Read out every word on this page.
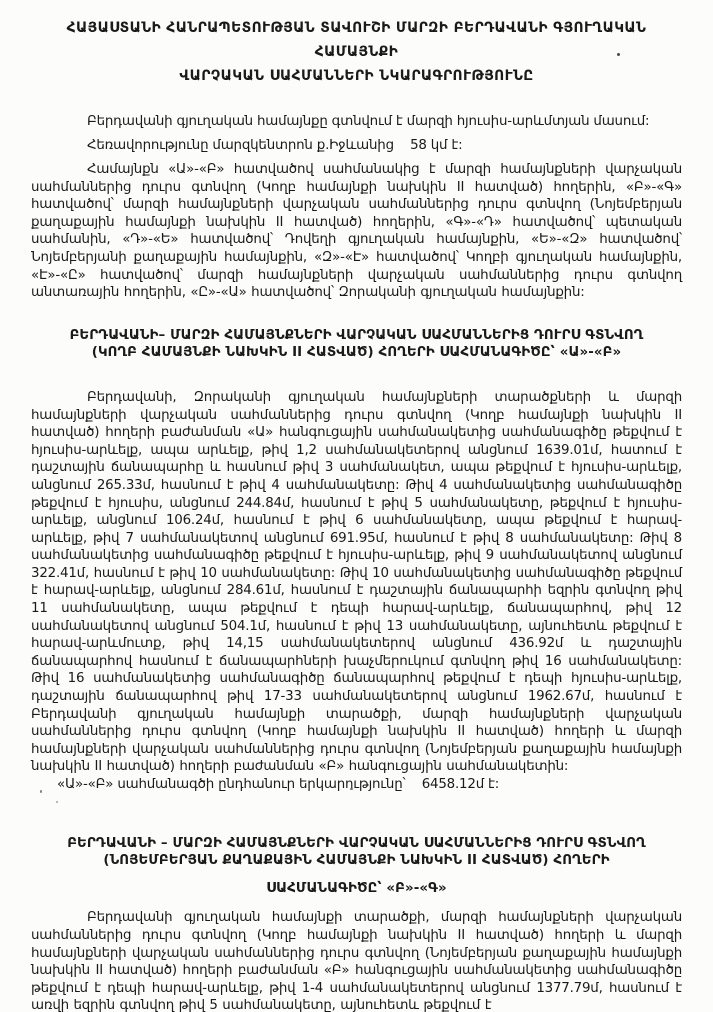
ՀԱՅԱՍՏԱՆԻ ՀԱՆՐԱՊԵՏՈՒԹՅԱՆ ՏԱՎՈՒՇԻ ՄԱՐԶԻ ԲԵՐԴԱՎԱՆԻ ԳՅՈՒՂԱԿԱՆ ՀԱՄԱՅՆՔԻ
ՎԱՐՉԱԿԱՆ ՍԱՀՄԱՆՆԵՐԻ ՆԿԱՐԱԳՐՈՒԹՅՈՒՆԸ

Բերդավանի գյուղական համայնքը գտնվում է մարզի հյուսիս-արևմտյան մասում:

Հեռավորությունը մարզկենտրոն ք.Իջևանից    58 կմ է:

Համայնքն «Ա»-«Բ» հատվածով սահմանակից է մարզի համայնքների վարչական սահմաններից դուրս գտնվող (Կողբ համայնքի նախկին II հատված) հողերին, «Բ»-«Գ» հատվածով՝ մարզի համայնքների վարչական սահմաններից դուրս գտնվող (Նոյեմբերյան քաղաքային համայնքի նախկին II հատված) հողերին, «Գ»-«Դ» հատվածով՝ պետական սահմանին, «Դ»-«Ե» հատվածով՝ Դովեղի գյուղական համայնքին, «Ե»-«Զ» հատվածով՝ Նոյեմբերյանի քաղաքային համայնքին, «Զ»-«Է» հատվածով՝ Կողբի գյուղական համայնքին, «Է»-«Ը» հատվածով՝ մարզի համայնքների վարչական սահմաններից դուրս գտնվող անտառային հողերին, «Ը»-«Ա» հատվածով՝ Զորականի գյուղական համայնքին:

ԲԵՐԴԱՎԱՆԻ– ՄԱՐԶԻ ՀԱՄԱՅՆՔՆԵՐԻ ՎԱՐՉԱԿԱՆ ՍԱՀՄԱՆՆԵՐԻՑ ԴՈՒՐՍ ԳՏՆՎՈՂ
(ԿՈՂԲ ՀԱՄԱՅՆՔԻ ՆԱԽԿԻՆ II ՀԱՏՎԱԾ) ՀՈՂԵՐԻ ՍԱՀՄԱՆԱԳԻԾԸ՝ «Ա»-«Բ»

Բերդավանի, Զորականի գյուղական համայնքների տարածքների և մարզի համայնքների վարչական սահմաններից դուրս գտնվող (Կողբ համայնքի նախկին II հատված) հողերի բաժանման «Ա» հանգուցային սահմանակետից սահմանագիծը թեքվում է հյուսիս-արևելք, ապա արևելք, թիվ 1,2 սահմանակետերով անցնում 1639.01մ, հատում է դաշտային ճանապարհը և հասնում թիվ 3 սահմանակետ, ապա թեքվում է հյուսիս-արևելք, անցնում 265.33մ, հասնում է թիվ 4 սահմանակետը: Թիվ 4 սահմանակետից սահմանագիծը թեքվում է հյուսիս, անցնում 244.84մ, հասնում է թիվ 5 սահմանակետը, թեքվում է հյուսիս-արևելք, անցնում 106.24մ, հասնում է թիվ 6 սահմանակետը, ապա թեքվում է հարավ-արևելք, թիվ 7 սահմանակետով անցնում 691.95մ, հասնում է թիվ 8 սահմանակետը: Թիվ 8 սահմանակետից սահմանագիծը թեքվում է հյուսիս-արևելք, թիվ 9 սահմանակետով անցնում 322.41մ, հասնում է թիվ 10 սահմանակետը: Թիվ 10 սահմանակետից սահմանագիծը թեքվում է հարավ-արևելք, անցնում 284.61մ, հասնում է դաշտային ճանապարհի եզրին գտնվող թիվ 11 սահմանակետը, ապա թեքվում է դեպի հարավ-արևելք, ճանապարհով, թիվ 12 սահմանակետով անցնում 504.1մ, հասնում է թիվ 13 սահմանակետը, այնուհետև թեքվում է հարավ-արևմուտք, թիվ 14,15 սահմանակետերով անցնում 436.92մ և դաշտային ճանապարհով հասնում է ճանապարհների խաչմերուկում գտնվող թիվ 16 սահմանակետը: Թիվ 16 սահմանակետից սահմանագիծը ճանապարհով թեքվում է դեպի հյուսիս-արևելք, դաշտային ճանապարհով թիվ 17-33 սահմանակետերով անցնում 1962.67մ, հասնում է Բերդավանի գյուղական համայնքի տարածքի, մարզի համայնքների վարչական սահմաններից դուրս գտնվող (Կողբ համայնքի նախկին II հատված) հողերի և մարզի համայնքների վարչական սահմաններից դուրս գտնվող (Նոյեմբերյան քաղաքային համայնքի նախկին II հատված) հողերի բաժանման «Բ» հանգուցային սահմանակետին:

«Ա»-«Բ» սահմանագծի ընդհանուր երկարությունը՝    6458.12մ է:

ԲԵՐԴԱՎԱՆԻ – ՄԱՐԶԻ ՀԱՄԱՅՆՔՆԵՐԻ ՎԱՐՉԱԿԱՆ ՍԱՀՄԱՆՆԵՐԻՑ ԴՈՒՐՍ ԳՏՆՎՈՂ
(ՆՈՅԵՄԲԵՐՅԱՆ ՔԱՂԱՔԱՅԻՆ ՀԱՄԱՅՆՔԻ ՆԱԽԿԻՆ II ՀԱՏՎԱԾ) ՀՈՂԵՐԻ
ՍԱՀՄԱՆԱԳԻԾԸ՝ «Բ»-«Գ»

Բերդավանի գյուղական համայնքի տարածքի, մարզի համայնքների վարչական սահմաններից դուրս գտնվող (Կողբ համայնքի նախկին II հատված) հողերի և մարզի համայնքների վարչական սահմաններից դուրս գտնվող (Նոյեմբերյան քաղաքային համայնքի նախկին II հատված) հողերի բաժանման «Բ» հանգուցային սահմանակետից սահմանագիծը թեքվում է դեպի հարավ-արևելք, թիվ 1-4 սահմանակետերով անցնում 1377.79մ, հասնում է առվի եզրին գտնվող թիվ 5 սահմանակետը, այնուհետև թեքվում է
